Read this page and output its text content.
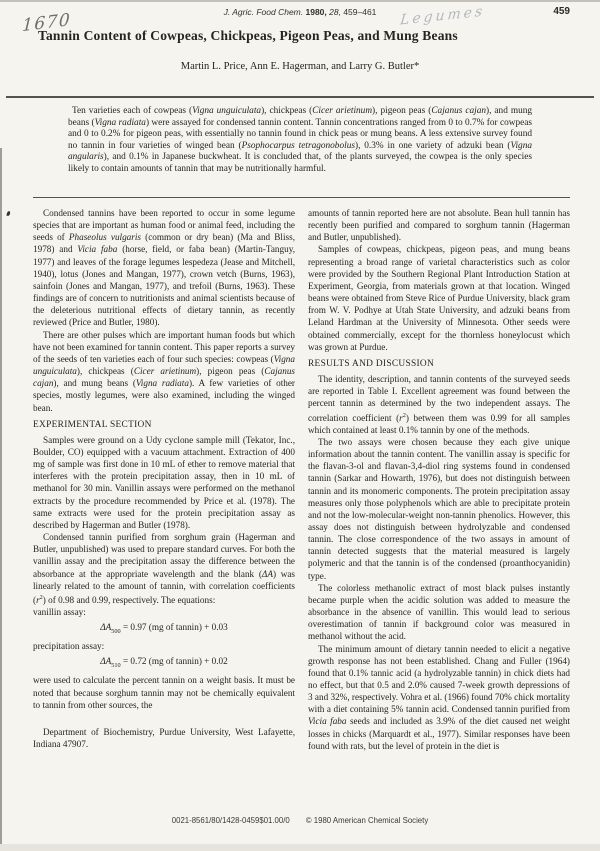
J. Agric. Food Chem. 1980, 28, 459–461	459
1670	Legumes
Tannin Content of Cowpeas, Chickpeas, Pigeon Peas, and Mung Beans
Martin L. Price, Ann E. Hagerman, and Larry G. Butler*
Ten varieties each of cowpeas (Vigna unguiculata), chickpeas (Cicer arietinum), pigeon peas (Cajanus cajan), and mung beans (Vigna radiata) were assayed for condensed tannin content. Tannin concentrations ranged from 0 to 0.7% for cowpeas and 0 to 0.2% for pigeon peas, with essentially no tannin found in chick peas or mung beans. A less extensive survey found no tannin in four varieties of winged bean (Psophocarpus tetragonobolus), 0.3% in one variety of adzuki bean (Vigna angularis), and 0.1% in Japanese buckwheat. It is concluded that, of the plants surveyed, the cowpea is the only species likely to contain amounts of tannin that may be nutritionally harmful.
Condensed tannins have been reported to occur in some legume species that are important as human food or animal feed, including the seeds of Phaseolus vulgaris (common or dry bean) (Ma and Bliss, 1978) and Vicia faba (horse, field, or faba bean) (Martin-Tanguy, 1977) and leaves of the forage legumes lespedeza (Jease and Mitchell, 1940), lotus (Jones and Mangan, 1977), crown vetch (Burns, 1963), sainfoin (Jones and Mangan, 1977), and trefoil (Burns, 1963). These findings are of concern to nutritionists and animal scientists because of the deleterious nutritional effects of dietary tannin, as recently reviewed (Price and Butler, 1980).
There are other pulses which are important human foods but which have not been examined for tannin content. This paper reports a survey of the seeds of ten varieties each of four such species: cowpeas (Vigna unguiculata), chickpeas (Cicer arietinum), pigeon peas (Cajanus cajan), and mung beans (Vigna radiata). A few varieties of other species, mostly legumes, were also examined, including the winged bean.
EXPERIMENTAL SECTION
Samples were ground on a Udy cyclone sample mill (Tekator, Inc., Boulder, CO) equipped with a vacuum attachment. Extraction of 400 mg of sample was first done in 10 mL of ether to remove material that interferes with the protein precipitation assay, then in 10 mL of methanol for 30 min. Vanillin assays were performed on the methanol extracts by the procedure recommended by Price et al. (1978). The same extracts were used for the protein precipitation assay as described by Hagerman and Butler (1978).
Condensed tannin purified from sorghum grain (Hagerman and Butler, unpublished) was used to prepare standard curves. For both the vanillin assay and the precipitation assay the difference between the absorbance at the appropriate wavelength and the blank (ΔA) was linearly related to the amount of tannin, with correlation coefficients $(r^2)$ of 0.98 and 0.99, respectively. The equations:
vanillin assay:
$\Delta A_{500} = 0.97$ (mg of tannin) + 0.03
precipitation assay:
$\Delta A_{510} = 0.72$ (mg of tannin) + 0.02
were used to calculate the percent tannin on a weight basis. It must be noted that because sorghum tannin may not be chemically equivalent to tannin from other sources, the
Department of Biochemistry, Purdue University, West Lafayette, Indiana 47907.
amounts of tannin reported here are not absolute. Bean hull tannin has recently been purified and compared to sorghum tannin (Hagerman and Butler, unpublished).
Samples of cowpeas, chickpeas, pigeon peas, and mung beans representing a broad range of varietal characteristics such as color were provided by the Southern Regional Plant Introduction Station at Experiment, Georgia, from materials grown at that location. Winged beans were obtained from Steve Rice of Purdue University, black gram from W. V. Podhye at Utah State University, and adzuki beans from Leland Hardman at the University of Minnesota. Other seeds were obtained commercially, except for the thornless honeylocust which was grown at Purdue.
RESULTS AND DISCUSSION
The identity, description, and tannin contents of the surveyed seeds are reported in Table I. Excellent agreement was found between the percent tannin as determined by the two independent assays. The correlation coefficient $(r^2)$ between them was 0.99 for all samples which contained at least 0.1% tannin by one of the methods.
The two assays were chosen because they each give unique information about the tannin content. The vanillin assay is specific for the flavan-3-ol and flavan-3,4-diol ring systems found in condensed tannin (Sarkar and Howarth, 1976), but does not distinguish between tannin and its monomeric components. The protein precipitation assay measures only those polyphenols which are able to precipitate protein and not the low-molecular-weight non-tannin phenolics. However, this assay does not distinguish between hydrolyzable and condensed tannin. The close correspondence of the two assays in amount of tannin detected suggests that the material measured is largely polymeric and that the tannin is of the condensed (proanthocyanidin) type.
The colorless methanolic extract of most black pulses instantly became purple when the acidic solution was added to measure the absorbance in the absence of vanillin. This would lead to serious overestimation of tannin if background color was measured in methanol without the acid.
The minimum amount of dietary tannin needed to elicit a negative growth response has not been established. Chang and Fuller (1964) found that 0.1% tannic acid (a hydrolyzable tannin) in chick diets had no effect, but that 0.5 and 2.0% caused 7-week growth depressions of 3 and 32%, respectively. Vohra et al. (1966) found 70% chick mortality with a diet containing 5% tannin acid. Condensed tannin purified from Vicia faba seeds and included as 3.9% of the diet caused net weight losses in chicks (Marquardt et al., 1977). Similar responses have been found with rats, but the level of protein in the diet is
0021-8561/80/1428-0459$01.00/0 © 1980 American Chemical Society
